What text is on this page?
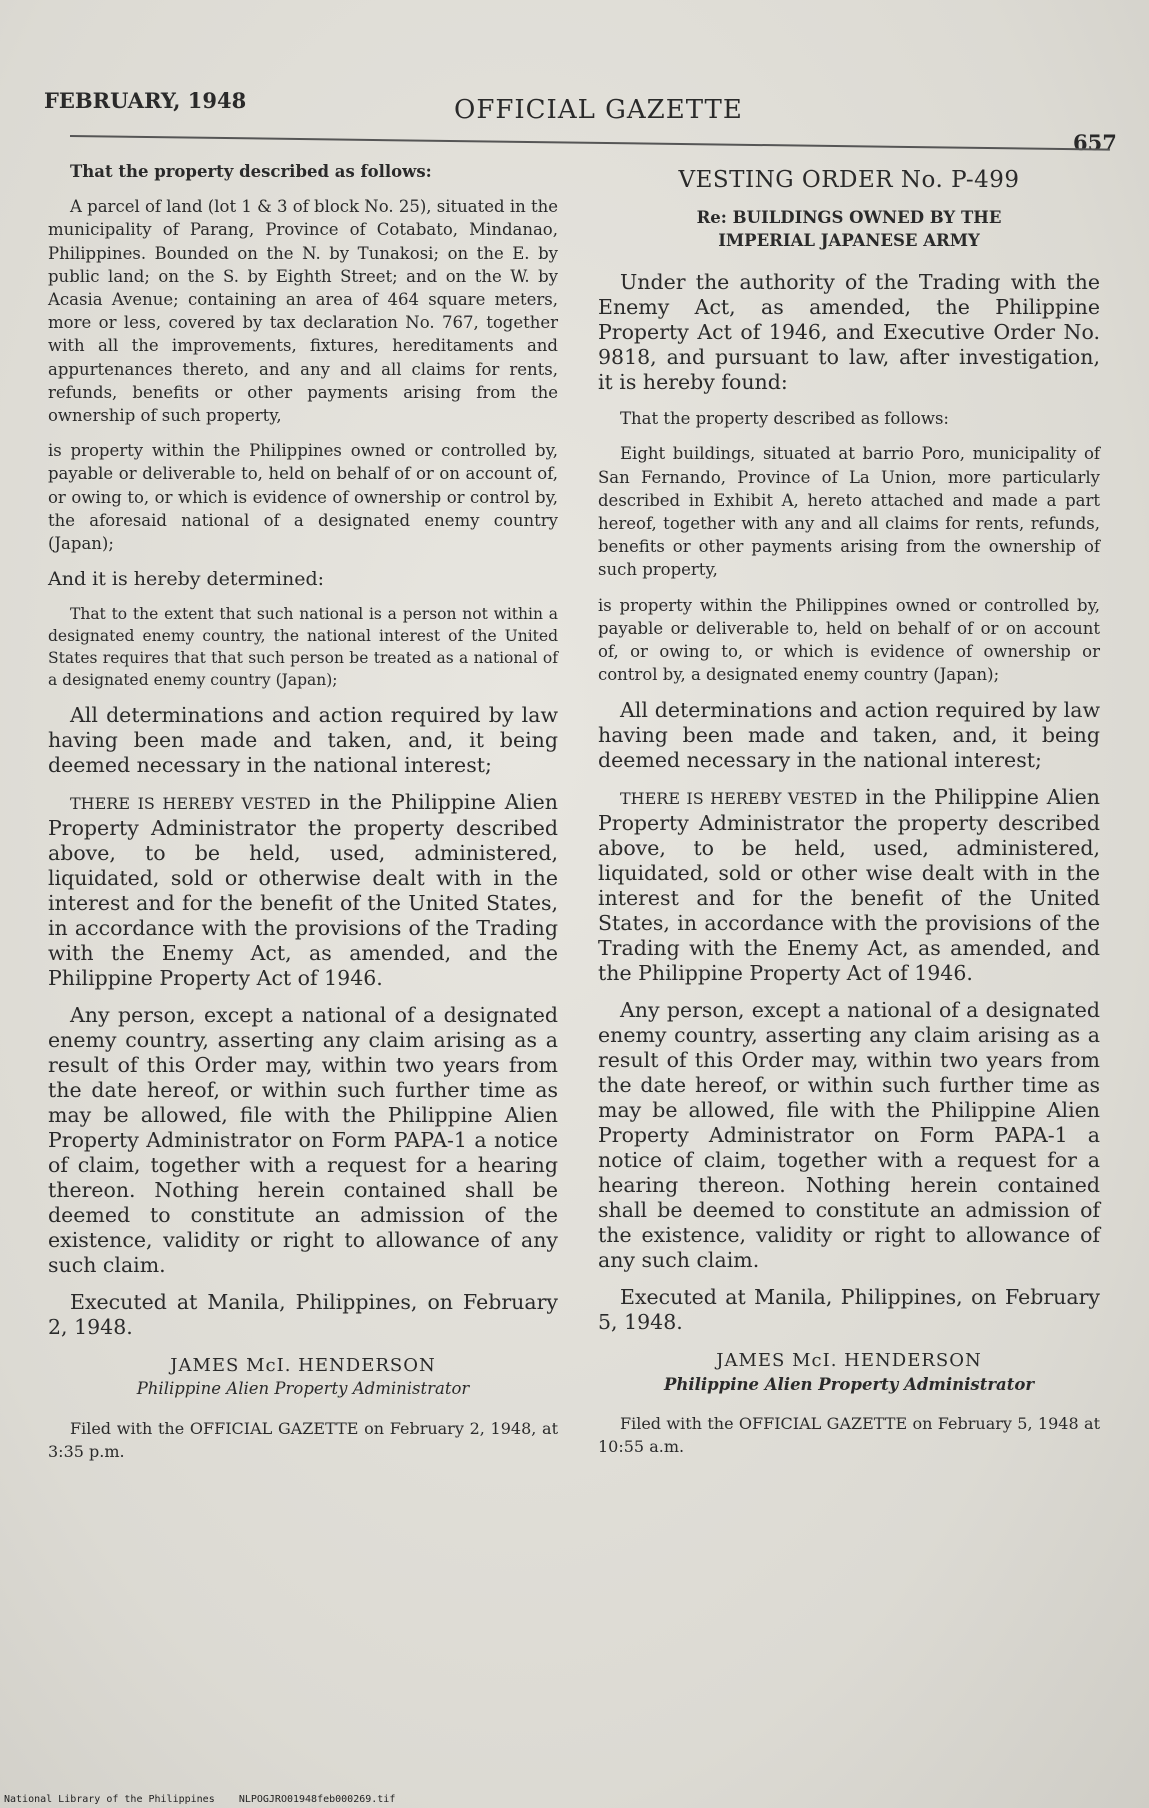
FEBRUARY, 1948	OFFICIAL GAZETTE
657

That the property described as follows:

A parcel of land (lot 1 & 3 of block No. 25), situated in the municipality of Parang, Province of Cotabato, Mindanao, Philippines. Bounded on the N. by Tunakosi; on the E. by public land; on the S. by Eighth Street; and on the W. by Acasia Avenue; containing an area of 464 square meters, more or less, covered by tax declaration No. 767, together with all the improvements, fixtures, hereditaments and appurtenances thereto, and any and all claims for rents, refunds, benefits or other payments arising from the ownership of such property,

is property within the Philippines owned or controlled by, payable or deliverable to, held on behalf of or on account of, or owing to, or which is evidence of ownership or control by, the aforesaid national of a designated enemy country (Japan);

And it is hereby determined:

That to the extent that such national is a person not within a designated enemy country, the national interest of the United States requires that that such person be treated as a national of a designated enemy country (Japan);

All determinations and action required by law having been made and taken, and, it being deemed necessary in the national interest;

THERE IS HEREBY VESTED in the Philippine Alien Property Administrator the property described above, to be held, used, administered, liquidated, sold or otherwise dealt with in the interest and for the benefit of the United States, in accordance with the provisions of the Trading with the Enemy Act, as amended, and the Philippine Property Act of 1946.

Any person, except a national of a designated enemy country, asserting any claim arising as a result of this Order may, within two years from the date hereof, or within such further time as may be allowed, file with the Philippine Alien Property Administrator on Form PAPA-1 a notice of claim, together with a request for a hearing thereon. Nothing herein contained shall be deemed to constitute an admission of the existence, validity or right to allowance of any such claim.

Executed at Manila, Philippines, on February 2, 1948.

JAMES McI. HENDERSON
Philippine Alien Property Administrator

Filed with the OFFICIAL GAZETTE on February 2, 1948, at 3:35 p.m.

VESTING ORDER No. P-499
Re: BUILDINGS OWNED BY THE
IMPERIAL JAPANESE ARMY

Under the authority of the Trading with the Enemy Act, as amended, the Philippine Property Act of 1946, and Executive Order No. 9818, and pursuant to law, after investigation, it is hereby found:

That the property described as follows:

Eight buildings, situated at barrio Poro, municipality of San Fernando, Province of La Union, more particularly described in Exhibit A, hereto attached and made a part hereof, together with any and all claims for rents, refunds, benefits or other payments arising from the ownership of such property,

is property within the Philippines owned or controlled by, payable or deliverable to, held on behalf of or on account of, or owing to, or which is evidence of ownership or control by, a designated enemy country (Japan);

All determinations and action required by law having been made and taken, and, it being deemed necessary in the national interest;

THERE IS HEREBY VESTED in the Philippine Alien Property Administrator the property described above, to be held, used, administered, liquidated, sold or other wise dealt with in the interest and for the benefit of the United States, in accordance with the provisions of the Trading with the Enemy Act, as amended, and the Philippine Property Act of 1946.

Any person, except a national of a designated enemy country, asserting any claim arising as a result of this Order may, within two years from the date hereof, or within such further time as may be allowed, file with the Philippine Alien Property Administrator on Form PAPA-1 a notice of claim, together with a request for a hearing thereon. Nothing herein contained shall be deemed to constitute an admission of the existence, validity or right to allowance of any such claim.

Executed at Manila, Philippines, on February 5, 1948.

JAMES McI. HENDERSON
Philippine Alien Property Administrator

Filed with the OFFICIAL GAZETTE on February 5, 1948 at 10:55 a.m.

National Library of the Philippines NLPOGJRO01948feb000269.tif
